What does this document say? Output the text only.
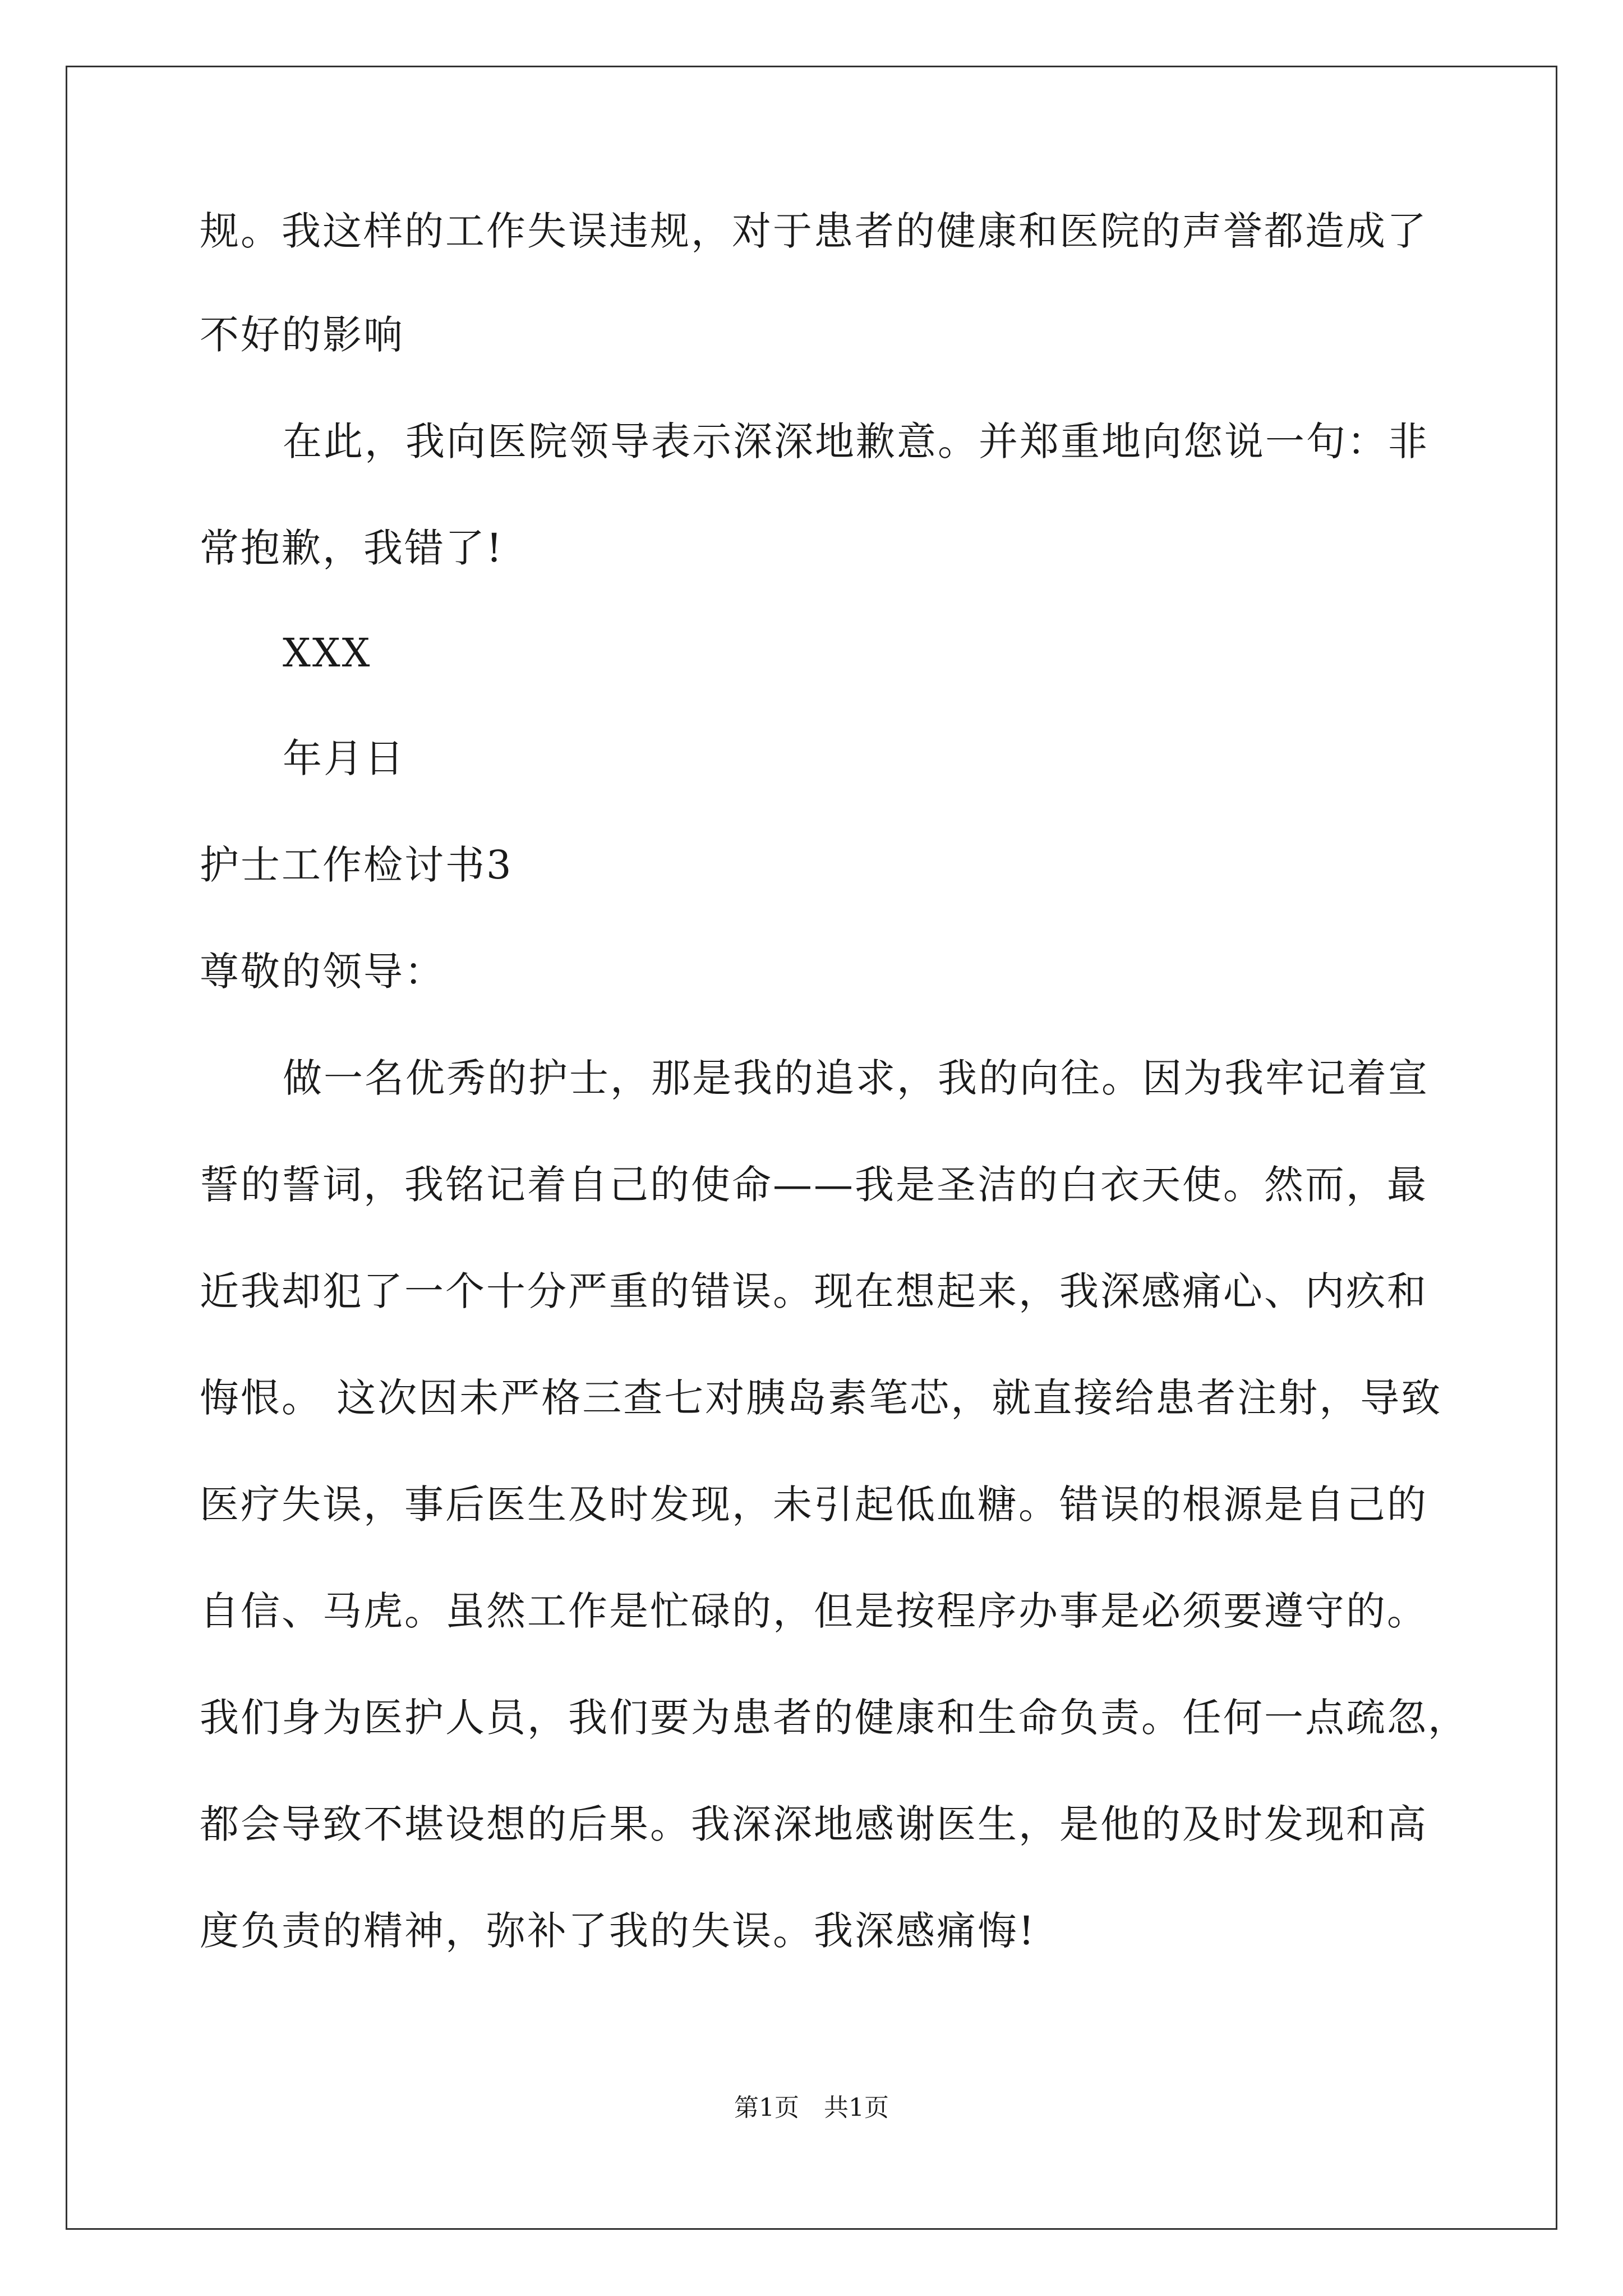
规。我这样的工作失误违规，对于患者的健康和医院的声誉都造成了
不好的影响
在此，我向医院领导表示深深地歉意。并郑重地向您说一句：非
常抱歉，我错了!
XXX
年月日
护士工作检讨书3
尊敬的领导：
做一名优秀的护士，那是我的追求，我的向往。因为我牢记着宣
誓的誓词，我铭记着自己的使命——我是圣洁的白衣天使。然而，最
近我却犯了一个十分严重的错误。现在想起来，我深感痛心、内疚和
悔恨。 这次因未严格三查七对胰岛素笔芯，就直接给患者注射，导致
医疗失误，事后医生及时发现，未引起低血糖。错误的根源是自己的
自信、马虎。虽然工作是忙碌的，但是按程序办事是必须要遵守的。
我们身为医护人员，我们要为患者的健康和生命负责。任何一点疏忽，
都会导致不堪设想的后果。我深深地感谢医生，是他的及时发现和高
度负责的精神，弥补了我的失误。我深感痛悔!
第1页　共1页
